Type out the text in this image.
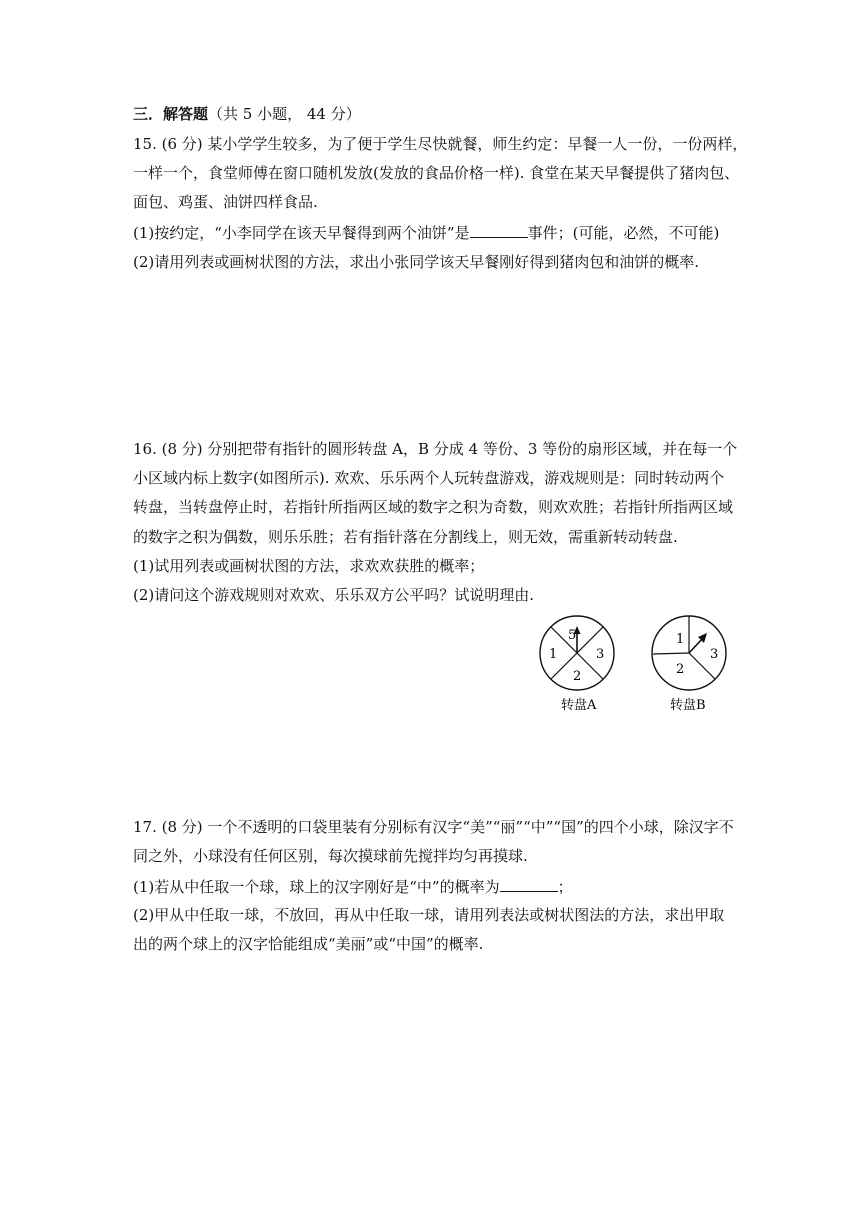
三．解答题（共 5 小题， 44 分）
15. (6 分) 某小学学生较多，为了便于学生尽快就餐，师生约定：早餐一人一份，一份两样，
一样一个，食堂师傅在窗口随机发放(发放的食品价格一样). 食堂在某天早餐提供了猪肉包、
面包、鸡蛋、油饼四样食品.
(1)按约定，“小李同学在该天早餐得到两个油饼”是	事件；(可能，必然，不可能)
(2)请用列表或画树状图的方法，求出小张同学该天早餐刚好得到猪肉包和油饼的概率.
16. (8 分) 分别把带有指针的圆形转盘 A，B 分成 4 等份、3 等份的扇形区域，并在每一个
小区域内标上数字(如图所示). 欢欢、乐乐两个人玩转盘游戏，游戏规则是：同时转动两个
转盘，当转盘停止时，若指针所指两区域的数字之积为奇数，则欢欢胜；若指针所指两区域
的数字之积为偶数，则乐乐胜；若有指针落在分割线上，则无效，需重新转动转盘.
(1)试用列表或画树状图的方法，求欢欢获胜的概率；
(2)请问这个游戏规则对欢欢、乐乐双方公平吗？试说明理由.
5
1	3
2
转盘A
1
2
3
转盘B
17. (8 分) 一个不透明的口袋里装有分别标有汉字“美”“丽”“中”“国”的四个小球，除汉字不
同之外，小球没有任何区别，每次摸球前先搅拌均匀再摸球.
(1)若从中任取一个球，球上的汉字刚好是“中”的概率为	；
(2)甲从中任取一球，不放回，再从中任取一球，请用列表法或树状图法的方法，求出甲取
出的两个球上的汉字恰能组成“美丽”或“中国”的概率.
